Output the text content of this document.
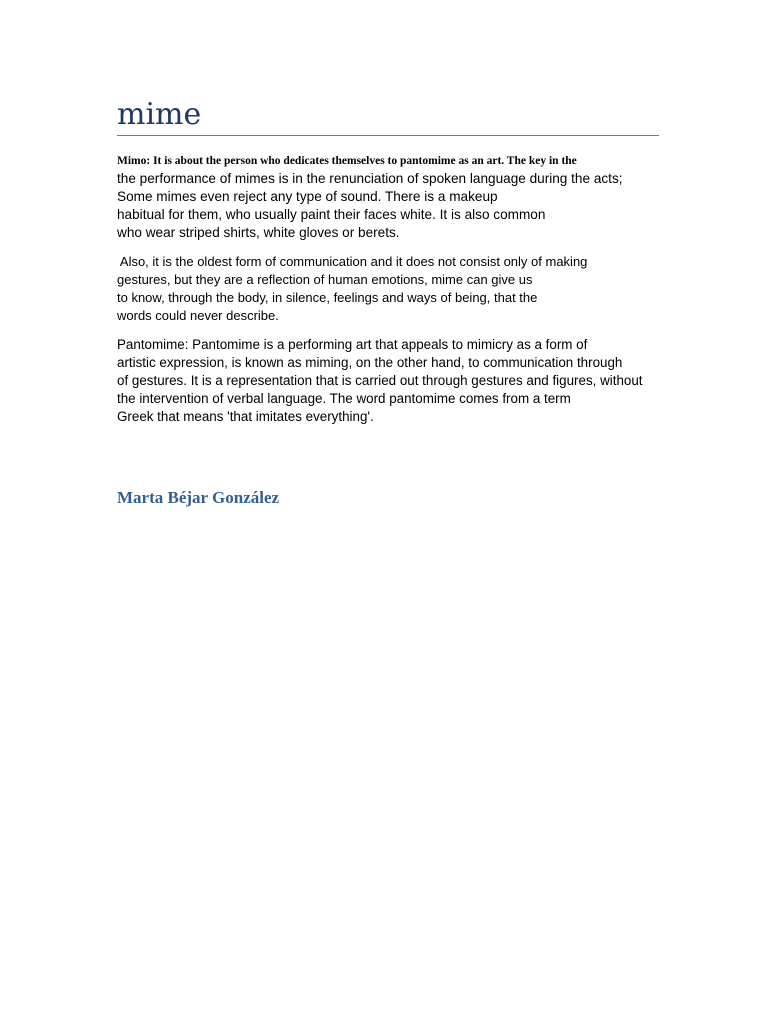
mime

Mimo: It is about the person who dedicates themselves to pantomime as an art. The key in the
the performance of mimes is in the renunciation of spoken language during the acts;
Some mimes even reject any type of sound. There is a makeup
habitual for them, who usually paint their faces white. It is also common
who wear striped shirts, white gloves or berets.

Also, it is the oldest form of communication and it does not consist only of making
gestures, but they are a reflection of human emotions, mime can give us
to know, through the body, in silence, feelings and ways of being, that the
words could never describe.

Pantomime: Pantomime is a performing art that appeals to mimicry as a form of
artistic expression, is known as miming, on the other hand, to communication through
of gestures. It is a representation that is carried out through gestures and figures, without
the intervention of verbal language. The word pantomime comes from a term
Greek that means 'that imitates everything'.

Marta Béjar González
